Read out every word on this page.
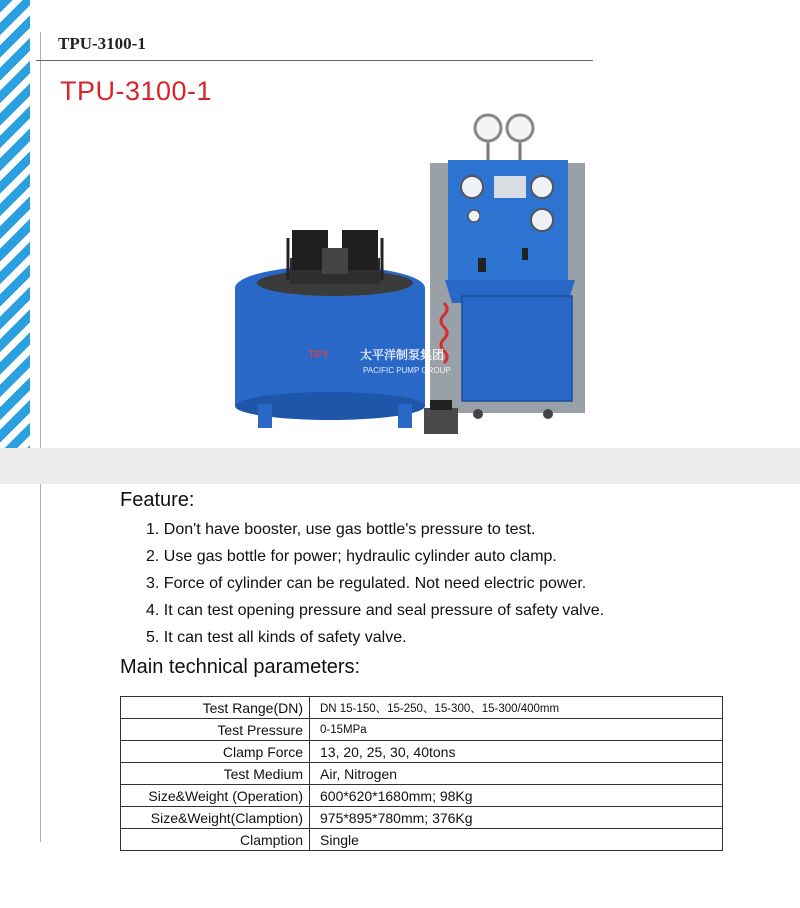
TPU-3100-1
TPU-3100-1
TPY	太平洋制泵集团
PACIFIC PUMP GROUP
Feature:
1. Don't have booster, use gas bottle's pressure to test.
2. Use gas bottle for power; hydraulic cylinder auto clamp.
3. Force of cylinder can be regulated. Not need electric power.
4. It can test opening pressure and seal pressure of safety valve.
5. It can test all kinds of safety valve.
Main technical parameters:
Test Range(DN)	DN 15-150、15-250、15-300、15-300/400mm
Test Pressure	0-15MPa
Clamp Force	13, 20, 25, 30, 40tons
Test Medium	Air, Nitrogen
Size&Weight (Operation)	600*620*1680mm; 98Kg
Size&Weight(Clamption)	975*895*780mm; 376Kg
Clamption	Single
